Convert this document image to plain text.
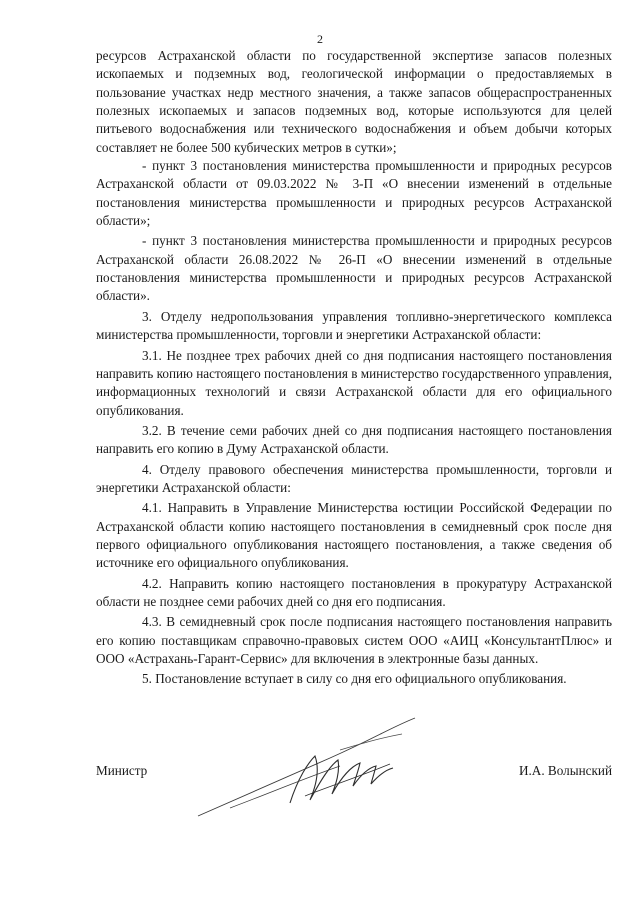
2

ресурсов Астраханской области по государственной экспертизе запасов полезных ископаемых и подземных вод, геологической информации о предоставляемых в пользование участках недр местного значения, а также запасов общераспространенных полезных ископаемых и запасов подземных вод, которые используются для целей питьевого водоснабжения или технического водоснабжения и объем добычи которых составляет не более 500 кубических метров в сутки»;

- пункт 3 постановления министерства промышленности и природных ресурсов Астраханской области от 09.03.2022 № 3-П «О внесении изменений в отдельные постановления министерства промышленности и природных ресурсов Астраханской области»;

- пункт 3 постановления министерства промышленности и природных ресурсов Астраханской области 26.08.2022 № 26-П «О внесении изменений в отдельные постановления министерства промышленности и природных ресурсов Астраханской области».

3. Отделу недропользования управления топливно-энергетического комплекса министерства промышленности, торговли и энергетики Астраханской области:

3.1. Не позднее трех рабочих дней со дня подписания настоящего постановления направить копию настоящего постановления в министерство государственного управления, информационных технологий и связи Астраханской области для его официального опубликования.

3.2. В течение семи рабочих дней со дня подписания настоящего постановления направить его копию в Думу Астраханской области.

4. Отделу правового обеспечения министерства промышленности, торговли и энергетики Астраханской области:

4.1. Направить в Управление Министерства юстиции Российской Федерации по Астраханской области копию настоящего постановления в семидневный срок после дня первого официального опубликования настоящего постановления, а также сведения об источнике его официального опубликования.

4.2. Направить копию настоящего постановления в прокуратуру Астраханской области не позднее семи рабочих дней со дня его подписания.

4.3. В семидневный срок после подписания настоящего постановления направить его копию поставщикам справочно-правовых систем ООО «АИЦ «КонсультантПлюс» и ООО «Астрахань-Гарант-Сервис» для включения в электронные базы данных.

5. Постановление вступает в силу со дня его официального опубликования.

Министр	И.А. Волынский
